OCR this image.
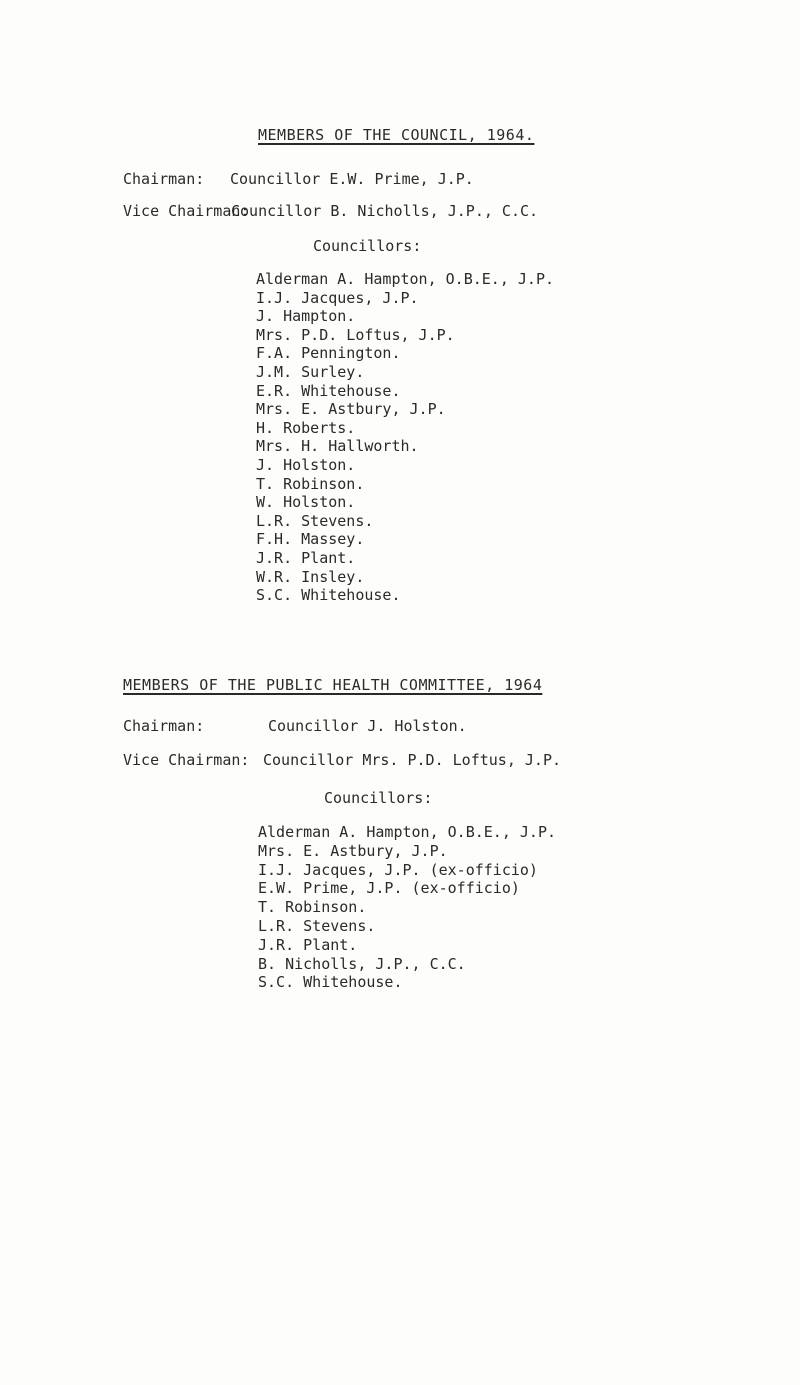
MEMBERS OF THE COUNCIL, 1964.
Chairman: Councillor E.W. Prime, J.P.
Vice Chairman:Councillor B. Nicholls, J.P., C.C.
Councillors:
Alderman A. Hampton, O.B.E., J.P.
I.J. Jacques, J.P.
J. Hampton.
Mrs. P.D. Loftus, J.P.
F.A. Pennington.
J.M. Surley.
E.R. Whitehouse.
Mrs. E. Astbury, J.P.
H. Roberts.
Mrs. H. Hallworth.
J. Holston.
T. Robinson.
W. Holston.
L.R. Stevens.
F.H. Massey.
J.R. Plant.
W.R. Insley.
S.C. Whitehouse.
MEMBERS OF THE PUBLIC HEALTH COMMITTEE, 1964
Chairman:	Councillor J. Holston.
Vice Chairman: Councillor Mrs. P.D. Loftus, J.P.
Councillors:
Alderman A. Hampton, O.B.E., J.P.
Mrs. E. Astbury, J.P.
I.J. Jacques, J.P. (ex-officio)
E.W. Prime, J.P. (ex-officio)
T. Robinson.
L.R. Stevens.
J.R. Plant.
B. Nicholls, J.P., C.C.
S.C. Whitehouse.
